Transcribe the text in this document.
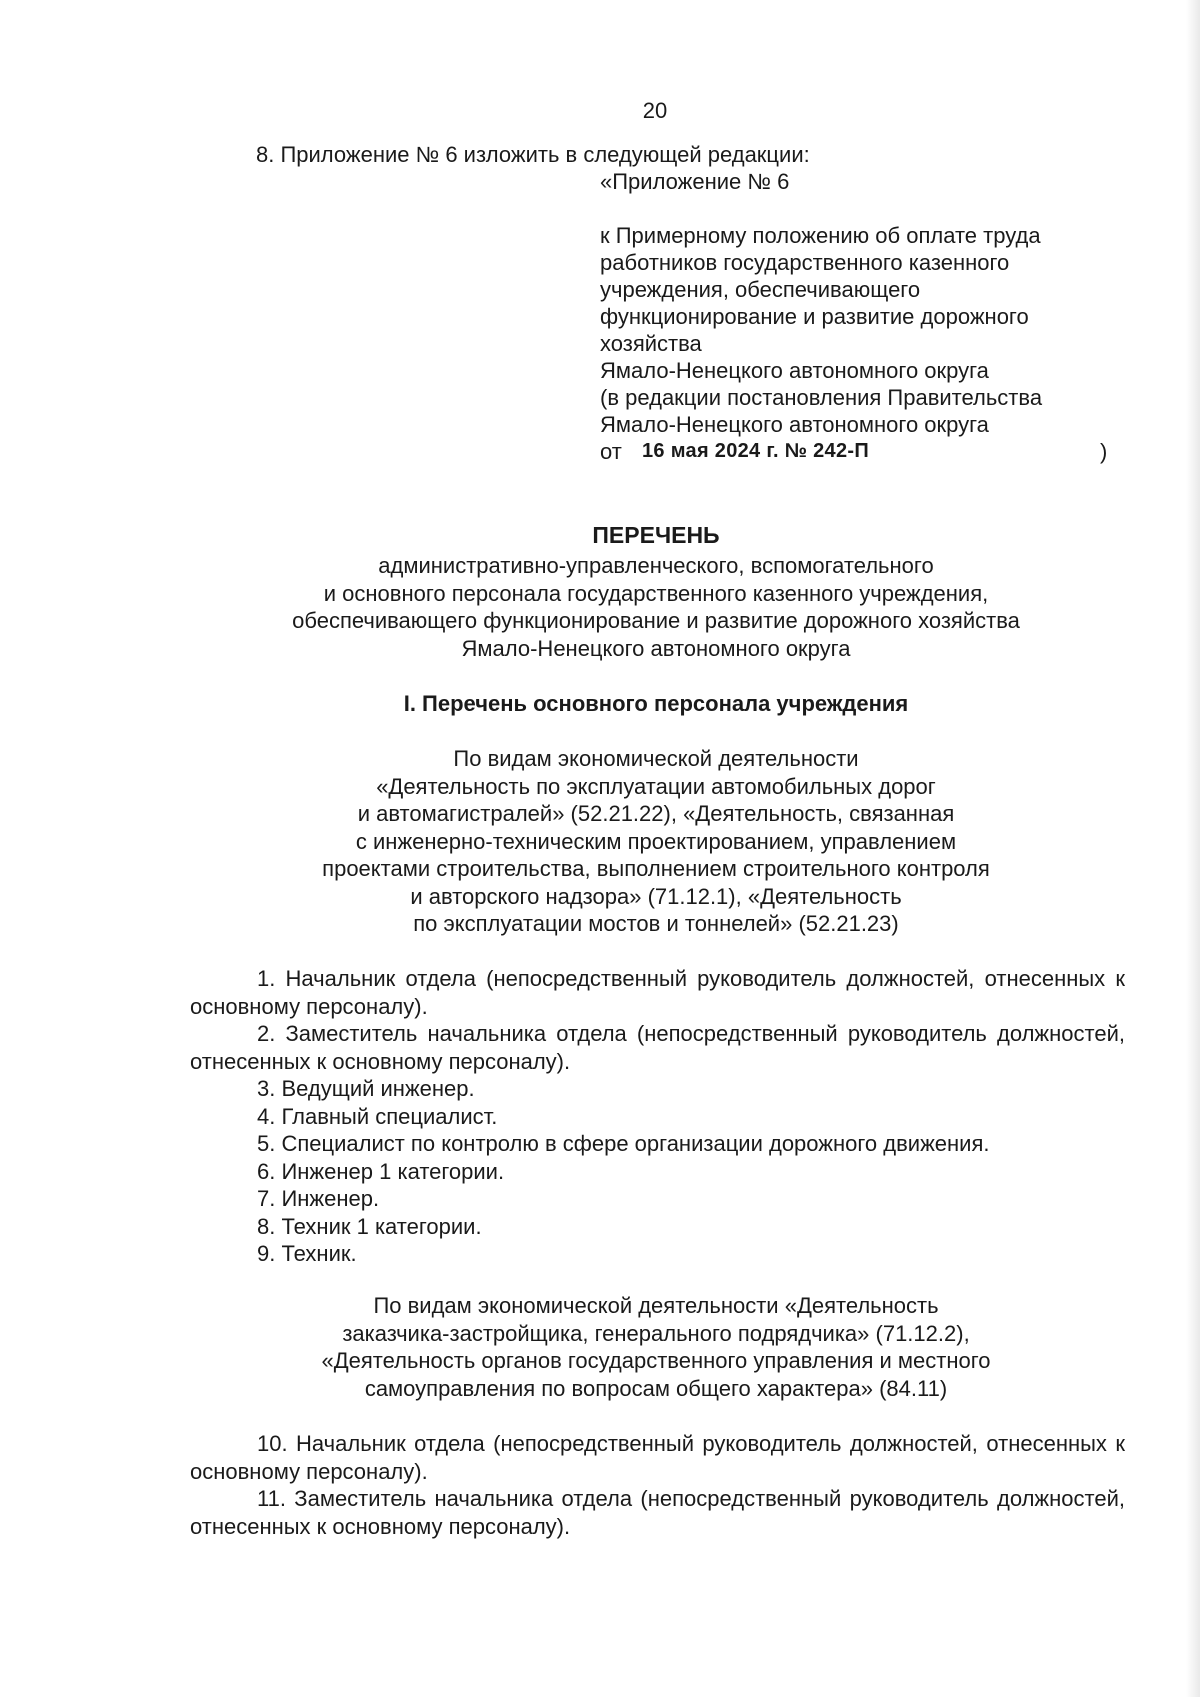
20
8. Приложение № 6 изложить в следующей редакции:
«Приложение № 6
к Примерному положению об оплате труда
работников государственного казенного
учреждения, обеспечивающего
функционирование и развитие дорожного
хозяйства
Ямало-Ненецкого автономного округа
(в редакции постановления Правительства
Ямало-Ненецкого автономного округа
от 16 мая 2024 г. № 242-П	)
ПЕРЕЧЕНЬ
административно-управленческого, вспомогательного
и основного персонала государственного казенного учреждения,
обеспечивающего функционирование и развитие дорожного хозяйства
Ямало-Ненецкого автономного округа
I. Перечень основного персонала учреждения
По видам экономической деятельности
«Деятельность по эксплуатации автомобильных дорог
и автомагистралей» (52.21.22), «Деятельность, связанная
с инженерно-техническим проектированием, управлением
проектами строительства, выполнением строительного контроля
и авторского надзора» (71.12.1), «Деятельность
по эксплуатации мостов и тоннелей» (52.21.23)

1. Начальник отдела (непосредственный руководитель должностей, отнесенных к основному персоналу).

2. Заместитель начальника отдела (непосредственный руководитель должностей, отнесенных к основному персоналу).

3. Ведущий инженер.

4. Главный специалист.

5. Специалист по контролю в сфере организации дорожного движения.

6. Инженер 1 категории.

7. Инженер.

8. Техник 1 категории.

9. Техник.

По видам экономической деятельности «Деятельность
заказчика-застройщика, генерального подрядчика» (71.12.2),
«Деятельность органов государственного управления и местного
самоуправления по вопросам общего характера» (84.11)

10. Начальник отдела (непосредственный руководитель должностей, отнесенных к основному персоналу).

11. Заместитель начальника отдела (непосредственный руководитель должностей, отнесенных к основному персоналу).
